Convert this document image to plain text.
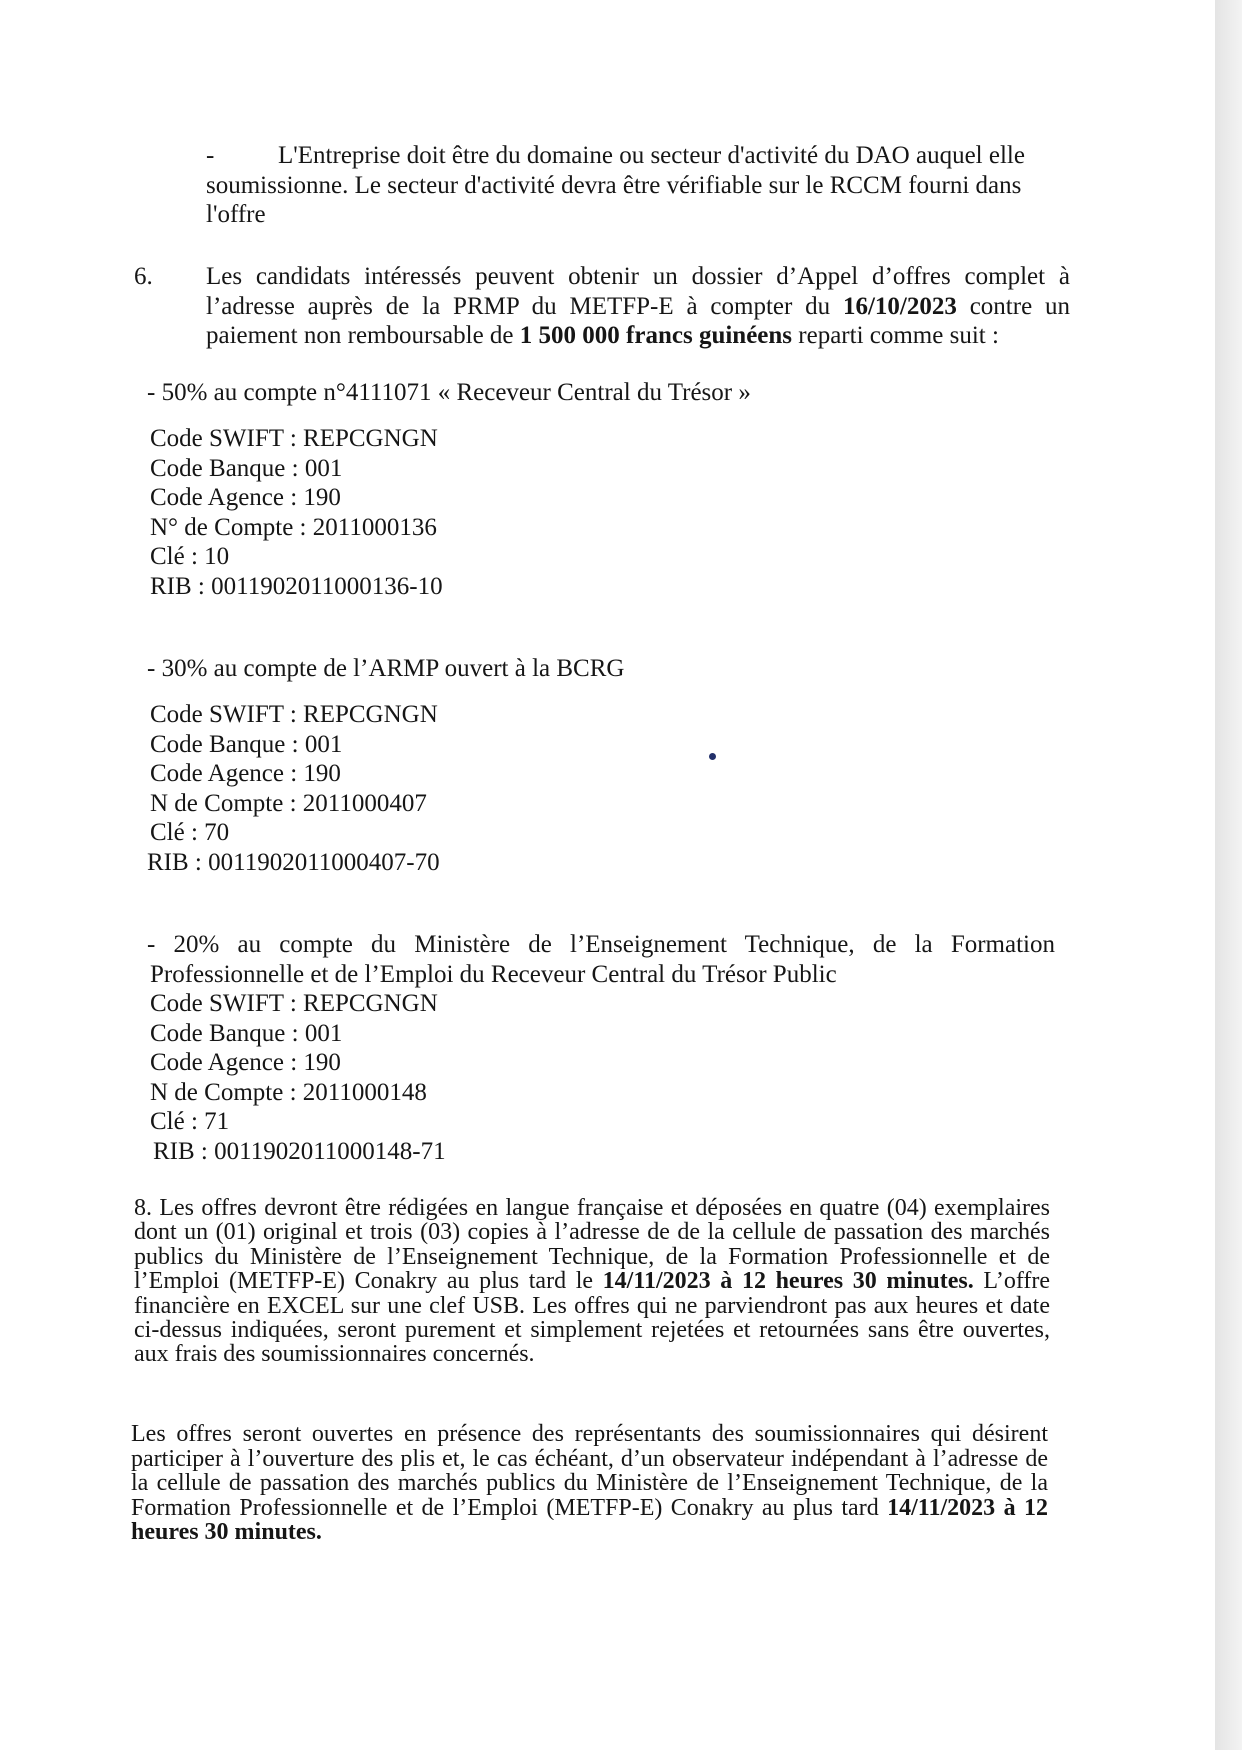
-	L'Entreprise doit être du domaine ou secteur d'activité du DAO auquel elle
soumissionne. Le secteur d'activité devra être vérifiable sur le RCCM fourni dans
l'offre
6. Les candidats intéressés peuvent obtenir un dossier d’Appel d’offres complet à
l’adresse auprès de la PRMP du METFP-E à compter du 16/10/2023 contre un
paiement non remboursable de 1 500 000 francs guinéens reparti comme suit :
- 50% au compte n°4111071 « Receveur Central du Trésor »
Code SWIFT : REPCGNGN
Code Banque : 001
Code Agence : 190
N° de Compte : 2011000136
Clé : 10
RIB : 0011902011000136-10
- 30% au compte de l’ARMP ouvert à la BCRG
Code SWIFT : REPCGNGN
Code Banque : 001
Code Agence : 190
N de Compte : 2011000407
Clé : 70
RIB : 0011902011000407-70
- 20% au compte du Ministère de l’Enseignement Technique, de la Formation
Professionnelle et de l’Emploi du Receveur Central du Trésor Public
Code SWIFT : REPCGNGN
Code Banque : 001
Code Agence : 190
N de Compte : 2011000148
Clé : 71
RIB : 0011902011000148-71
8. Les offres devront être rédigées en langue française et déposées en quatre (04) exemplaires
dont un (01) original et trois (03) copies à l’adresse de de la cellule de passation des marchés
publics du Ministère de l’Enseignement Technique, de la Formation Professionnelle et de
l’Emploi (METFP-E) Conakry au plus tard le 14/11/2023 à 12 heures 30 minutes. L’offre
financière en EXCEL sur une clef USB. Les offres qui ne parviendront pas aux heures et date
ci-dessus indiquées, seront purement et simplement rejetées et retournées sans être ouvertes,
aux frais des soumissionnaires concernés.
Les offres seront ouvertes en présence des représentants des soumissionnaires qui désirent
participer à l’ouverture des plis et, le cas échéant, d’un observateur indépendant à l’adresse de
la cellule de passation des marchés publics du Ministère de l’Enseignement Technique, de la
Formation Professionnelle et de l’Emploi (METFP-E) Conakry au plus tard 14/11/2023 à 12
heures 30 minutes.
